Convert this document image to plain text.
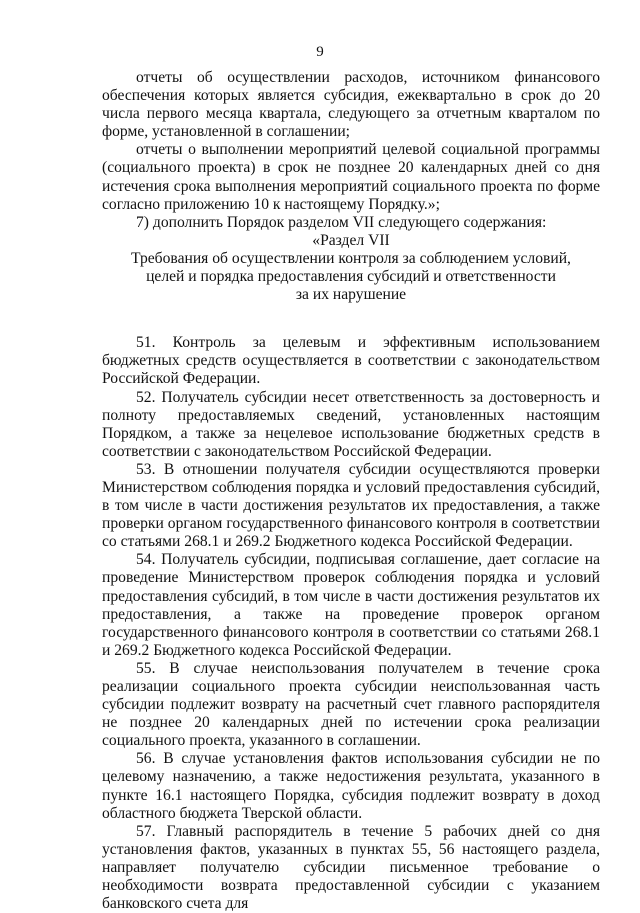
9

отчеты об осуществлении расходов, источником финансового обеспечения которых является субсидия, ежеквартально в срок до 20 числа первого месяца квартала, следующего за отчетным кварталом по форме, установленной в соглашении;

отчеты о выполнении мероприятий целевой социальной программы (социального проекта) в срок не позднее 20 календарных дней со дня истечения срока выполнения мероприятий социального проекта по форме согласно приложению 10 к настоящему Порядку.»;

7) дополнить Порядок разделом VII следующего содержания:

«Раздел VII

Требования об осуществлении контроля за соблюдением условий,

целей и порядка предоставления субсидий и ответственности

за их нарушение

51. Контроль за целевым и эффективным использованием бюджетных средств осуществляется в соответствии с законодательством Российской Федерации.

52. Получатель субсидии несет ответственность за достоверность и полноту предоставляемых сведений, установленных настоящим Порядком, а также за нецелевое использование бюджетных средств в соответствии с законодательством Российской Федерации.

53. В отношении получателя субсидии осуществляются проверки Министерством соблюдения порядка и условий предоставления субсидий, в том числе в части достижения результатов их предоставления, а также проверки органом государственного финансового контроля в соответствии со статьями 268.1 и 269.2 Бюджетного кодекса Российской Федерации.

54. Получатель субсидии, подписывая соглашение, дает согласие на проведение Министерством проверок соблюдения порядка и условий предоставления субсидий, в том числе в части достижения результатов их предоставления, а также на проведение проверок органом государственного финансового контроля в соответствии со статьями 268.1 и 269.2 Бюджетного кодекса Российской Федерации.

55. В случае неиспользования получателем в течение срока реализации социального проекта субсидии неиспользованная часть субсидии подлежит возврату на расчетный счет главного распорядителя не позднее 20 календарных дней по истечении срока реализации социального проекта, указанного в соглашении.

56. В случае установления фактов использования субсидии не по целевому назначению, а также недостижения результата, указанного в пункте 16.1 настоящего Порядка, субсидия подлежит возврату в доход областного бюджета Тверской области.

57. Главный распорядитель в течение 5 рабочих дней со дня установления фактов, указанных в пунктах 55, 56 настоящего раздела, направляет получателю субсидии письменное требование о необходимости возврата предоставленной субсидии с указанием банковского счета для
